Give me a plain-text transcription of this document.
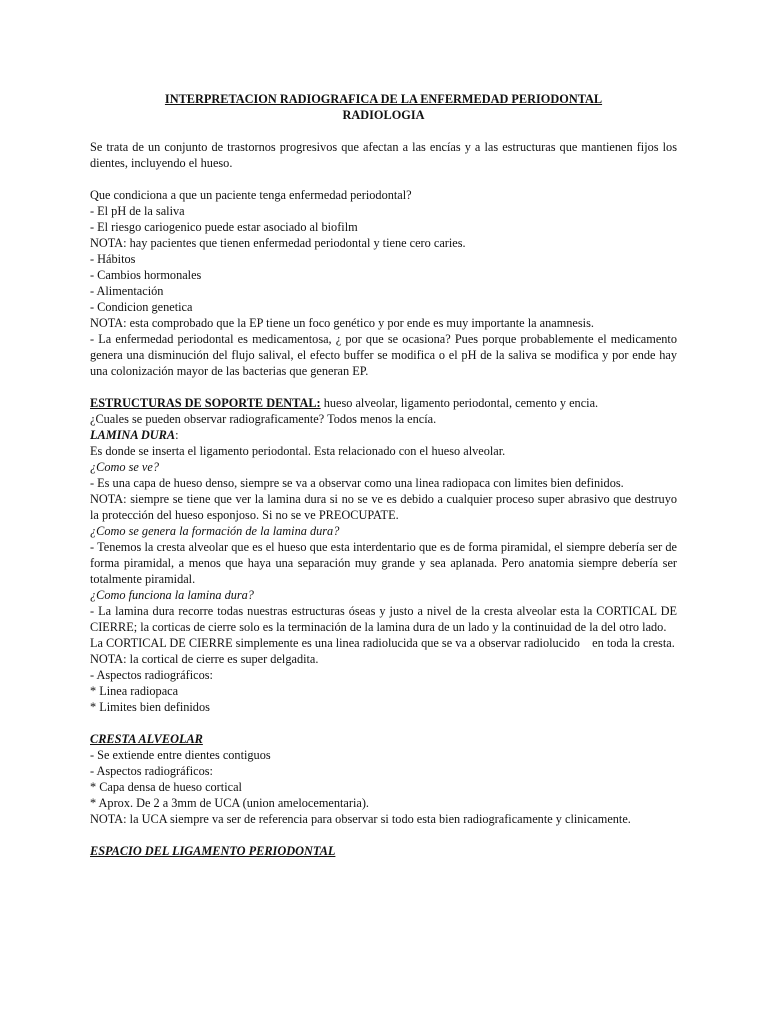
INTERPRETACION RADIOGRAFICA DE LA ENFERMEDAD PERIODONTAL

RADIOLOGIA

Se trata de un conjunto de trastornos progresivos que afectan a las encías y a las estructuras que mantienen fijos los dientes, incluyendo el hueso.

Que condiciona a que un paciente tenga enfermedad periodontal?

- El pH de la saliva

- El riesgo cariogenico puede estar asociado al biofilm

NOTA: hay pacientes que tienen enfermedad periodontal y tiene cero caries.

- Hábitos

- Cambios hormonales

- Alimentación

- Condicion genetica

NOTA: esta comprobado que la EP tiene un foco genético y por ende es muy importante la anamnesis.

- La enfermedad periodontal es medicamentosa, ¿ por que se ocasiona? Pues porque probablemente el medicamento genera una disminución del flujo salival, el efecto buffer se modifica o el pH de la saliva se modifica y por ende hay una colonización mayor de las bacterias que generan EP.

ESTRUCTURAS DE SOPORTE DENTAL: hueso alveolar, ligamento periodontal, cemento y encia.

¿Cuales se pueden observar radiograficamente? Todos menos la encía.

LAMINA DURA:

Es donde se inserta el ligamento periodontal. Esta relacionado con el hueso alveolar.

¿Como se ve?

- Es una capa de hueso denso, siempre se va a observar como una linea radiopaca con limites bien definidos.

NOTA: siempre se tiene que ver la lamina dura si no se ve es debido a cualquier proceso super abrasivo que destruyo la protección del hueso esponjoso. Si no se ve PREOCUPATE.

¿Como se genera la formación de la lamina dura?

- Tenemos la cresta alveolar que es el hueso que esta interdentario que es de forma piramidal, el siempre debería ser de forma piramidal, a menos que haya una separación muy grande y sea aplanada. Pero anatomia siempre debería ser totalmente piramidal.

¿Como funciona la lamina dura?

- La lamina dura recorre todas nuestras estructuras óseas y justo a nivel de la cresta alveolar esta la CORTICAL DE CIERRE; la corticas de cierre solo es la terminación de la lamina dura de un lado y la continuidad de la del otro lado.

La CORTICAL DE CIERRE simplemente es una linea radiolucida que se va a observar radiolucido    en toda la cresta.

NOTA: la cortical de cierre es super delgadita.

- Aspectos radiográficos:

* Linea radiopaca

* Limites bien definidos

CRESTA ALVEOLAR

- Se extiende entre dientes contiguos

- Aspectos radiográficos:

* Capa densa de hueso cortical

* Aprox. De 2 a 3mm de UCA (union amelocementaria).

NOTA: la UCA siempre va ser de referencia para observar si todo esta bien radiograficamente y clinicamente.

ESPACIO DEL LIGAMENTO PERIODONTAL
